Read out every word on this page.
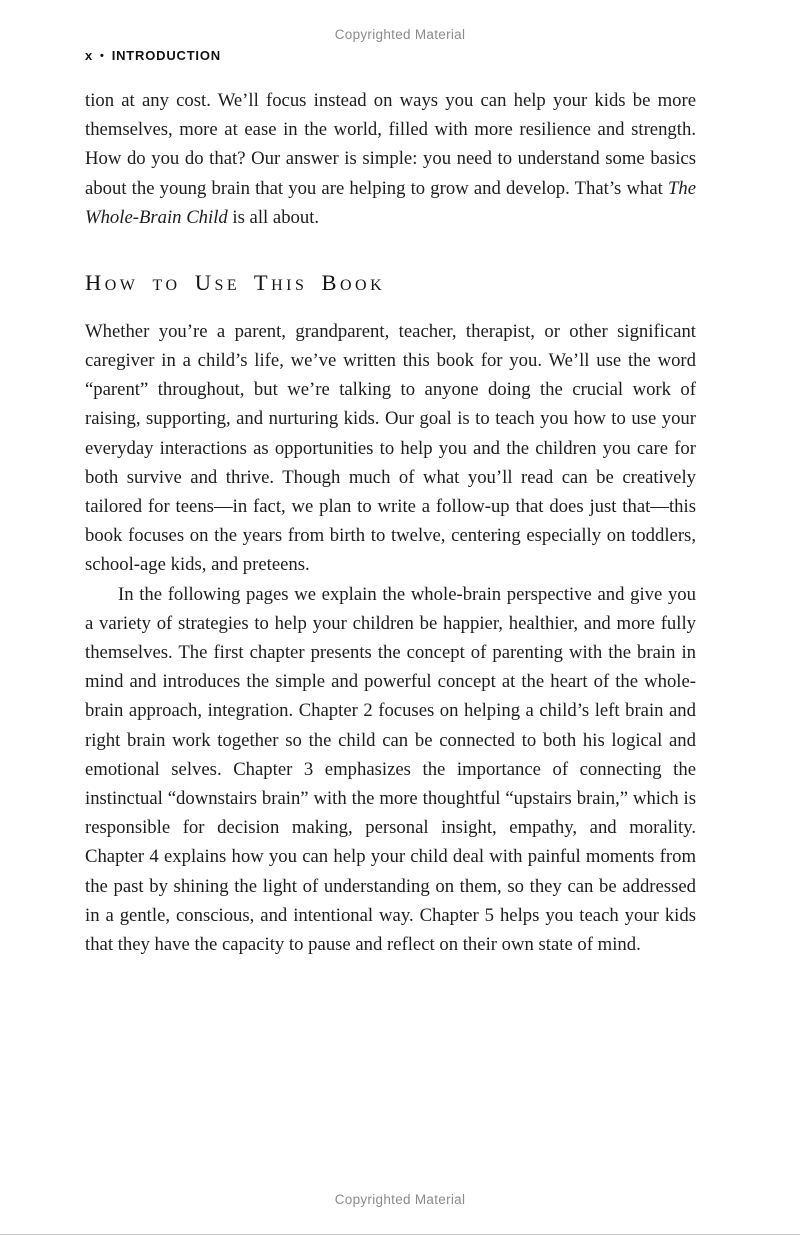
Copyrighted Material
x • INTRODUCTION

tion at any cost. We’ll focus instead on ways you can help your kids be more themselves, more at ease in the world, filled with more resilience and strength. How do you do that? Our answer is simple: you need to understand some basics about the young brain that you are helping to grow and develop. That’s what The Whole-Brain Child is all about.

How to Use This Book

Whether you’re a parent, grandparent, teacher, therapist, or other significant caregiver in a child’s life, we’ve written this book for you. We’ll use the word “parent” throughout, but we’re talking to anyone doing the crucial work of raising, supporting, and nurturing kids. Our goal is to teach you how to use your everyday interactions as opportunities to help you and the children you care for both survive and thrive. Though much of what you’ll read can be creatively tailored for teens—in fact, we plan to write a follow-up that does just that—this book focuses on the years from birth to twelve, centering especially on toddlers, school-age kids, and preteens.

In the following pages we explain the whole-brain perspective and give you a variety of strategies to help your children be happier, healthier, and more fully themselves. The first chapter presents the concept of parenting with the brain in mind and introduces the simple and powerful concept at the heart of the whole-brain approach, integration. Chapter 2 focuses on helping a child’s left brain and right brain work together so the child can be connected to both his logical and emotional selves. Chapter 3 emphasizes the importance of connecting the instinctual “downstairs brain” with the more thoughtful “upstairs brain,” which is responsible for decision making, personal insight, empathy, and morality. Chapter 4 explains how you can help your child deal with painful moments from the past by shining the light of understanding on them, so they can be addressed in a gentle, conscious, and intentional way. Chapter 5 helps you teach your kids that they have the capacity to pause and reflect on their own state of mind.

Copyrighted Material
